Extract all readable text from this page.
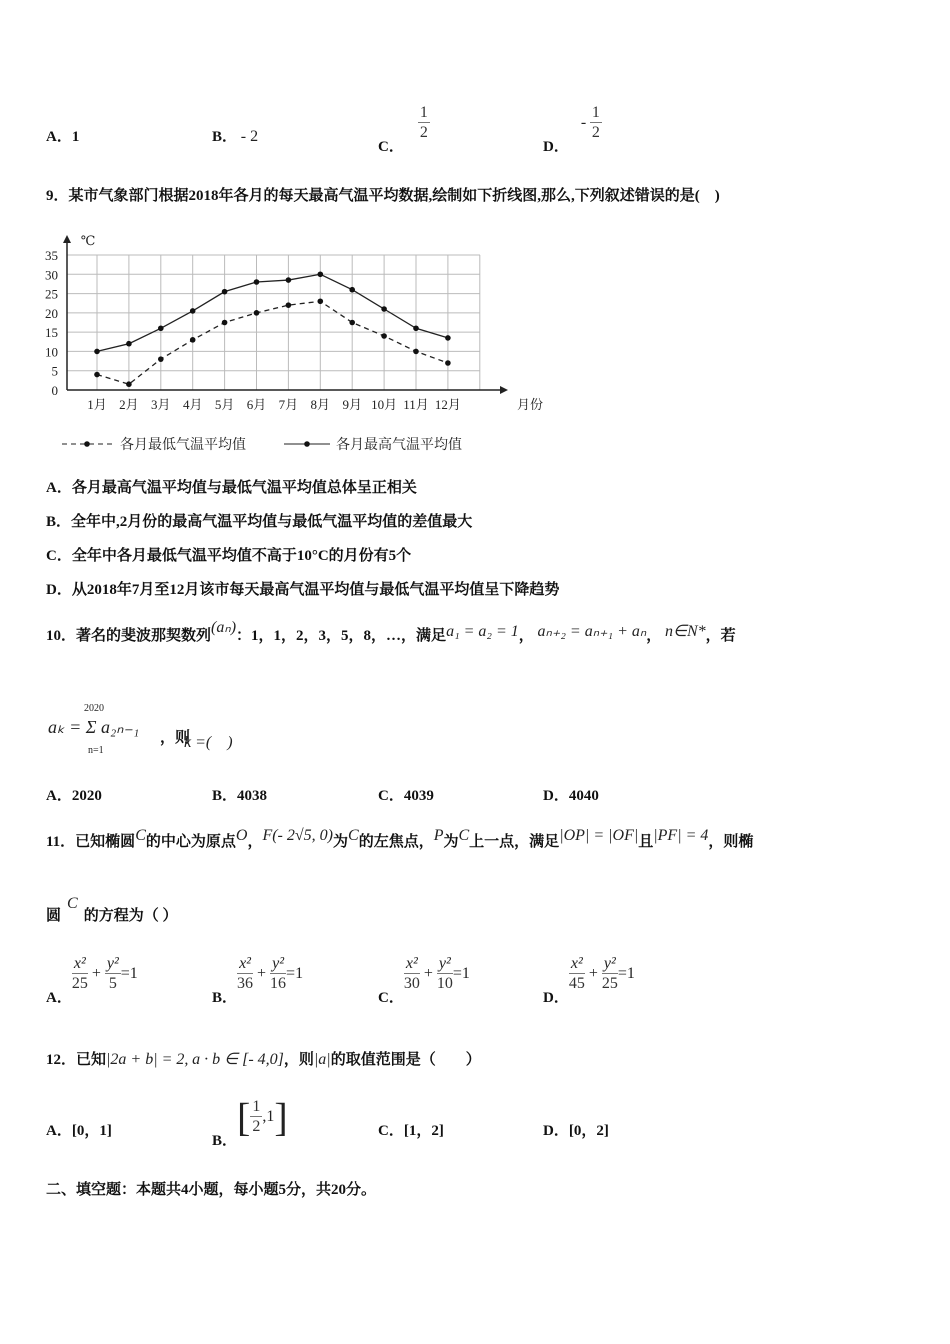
A．1	B． - 2
C．
$\frac{1}{2}$
D．- $\frac{1}{2}$
9．某市气象部门根据2018年各月的每天最高气温平均数据,绘制如下折线图,那么,下列叙述错误的是(　)
0
5
10
15
20
25
30
35
1月 2月 3月 4月 5月 6月 7月 8月 9月 10月 11月 12月	月份
℃
各月最低气温平均值	各月最高气温平均值
A．各月最高气温平均值与最低气温平均值总体呈正相关
B．全年中,2月份的最高气温平均值与最低气温平均值的差值最大
C．全年中各月最低气温平均值不高于10°C的月份有5个
D．从2018年7月至12月该市每天最高气温平均值与最低气温平均值呈下降趋势
10．著名的斐波那契数列(aₙ)：1，1，2，3，5，8，…，满足a₁ = a₂ = 1， aₙ₊₂ = aₙ₊₁ + aₙ， n∈N*，若
2020
aₖ = Σ a₂ₙ₋₁
n=1
，则
k =(　)
A．2020	B．4038	C．4039	D．4040
11．已知椭圆C的中心为原点O，F(- 2√5, 0)为C的左焦点，P为C上一点，满足|OP| = |OF|且|PF| = 4，则椭
圆C的方程为（ ）
A．
$\frac{\text{x²}}{25} + \frac{\text{y²}}{5} =1$
B．
$\frac{\text{x²}}{36} + \frac{\text{y²}}{16} =1$
C．
$\frac{\text{x²}}{30} + \frac{\text{y²}}{10} =1$
D．
$\frac{\text{x²}}{45} + \frac{\text{y²}}{25} =1$
12．已知|2a + b| = 2, a · b ∈ [- 4,0]，则|a|的取值范围是（　　）
A．[0，1]
B．[ $\frac{1}{2} ,1$]	C．[1，2]	D．[0，2]
二、填空题：本题共4小题，每小题5分，共20分。
